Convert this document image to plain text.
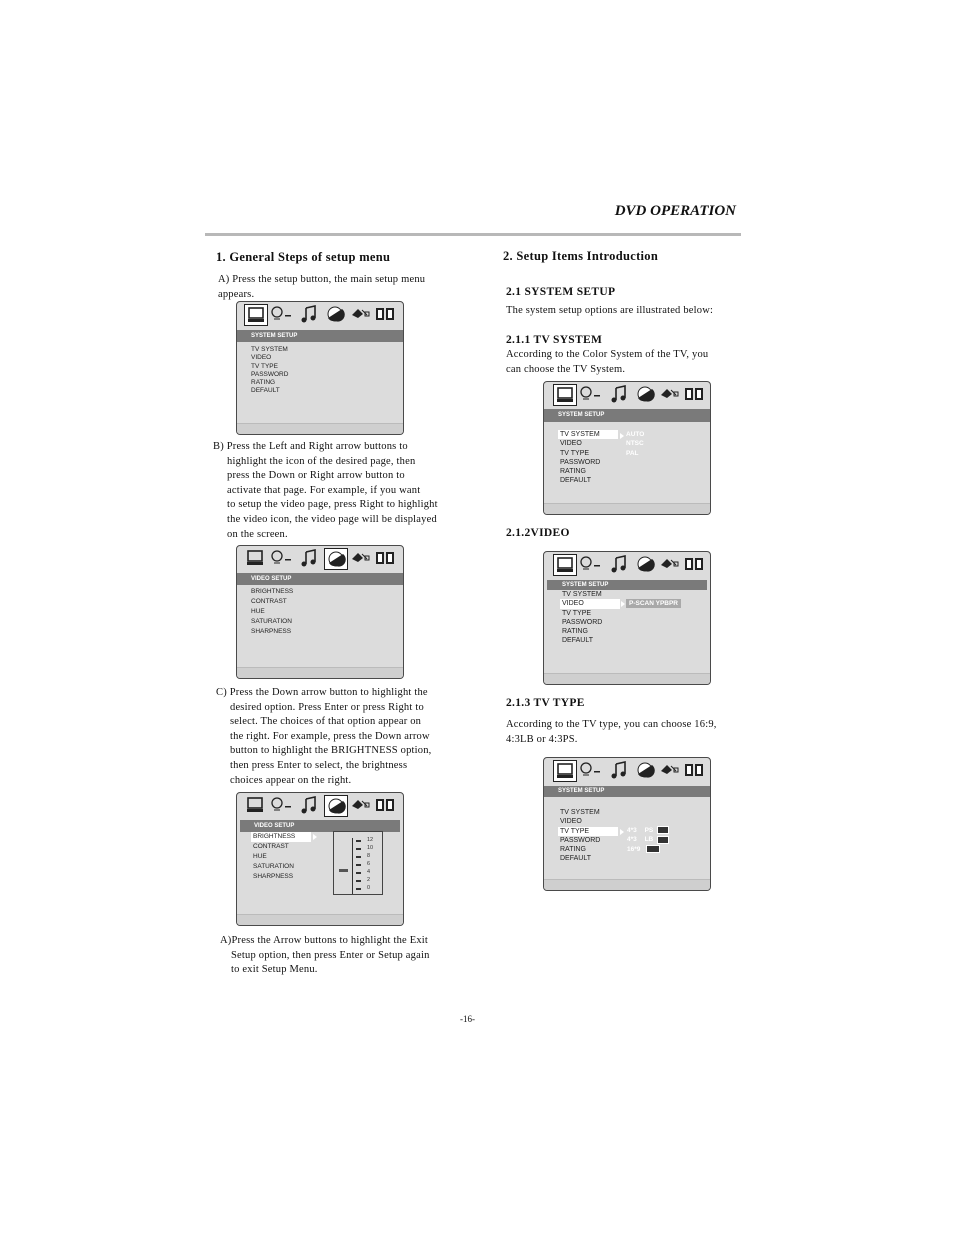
DVD OPERATION
1. General Steps of setup menu
A) Press the setup button, the main setup menu
appears.
SYSTEM SETUP
TV SYSTEM
VIDEO
TV TYPE
PASSWORD
RATING
DEFAULT
B) Press the Left and Right arrow buttons to
highlight the icon of the desired page, then
press the Down or Right arrow button to
activate that page. For example, if you want
to setup the video page, press Right to highlight
the video icon, the video page will be displayed
on the screen.
VIDEO SETUP
BRIGHTNESS
CONTRAST
HUE
SATURATION
SHARPNESS
C) Press the Down arrow button to highlight the
desired option. Press Enter or press Right to
select. The choices of that option appear on
the right. For example, press the Down arrow
button to highlight the BRIGHTNESS option,
then press Enter to select, the brightness
choices appear on the right.
VIDEO SETUP
BRIGHTNESS
CONTRAST
HUE
SATURATION
SHARPNESS
12
10
8
6
4
2
0
A)Press the Arrow buttons to highlight the Exit
Setup option, then press Enter or Setup again
to exit Setup Menu.
2. Setup Items Introduction
2.1 SYSTEM SETUP
The system setup options are illustrated below:
2.1.1 TV SYSTEM
According to the Color System of the TV, you
can choose the TV System.
SYSTEM SETUP
TV SYSTEM
VIDEO
TV TYPE
PASSWORD
RATING
DEFAULT
AUTO
NTSC
PAL
2.1.2VIDEO
SYSTEM SETUP
TV SYSTEM
VIDEO
TV TYPE
PASSWORD
RATING
DEFAULT
P-SCAN YPBPR
2.1.3 TV TYPE
According to the TV type, you can choose 16:9,
4:3LB or 4:3PS.
SYSTEM SETUP
TV SYSTEM
VIDEO
TV TYPE
PASSWORD
RATING
DEFAULT
4*3 PS
4*3 LB
16*9
-16-
